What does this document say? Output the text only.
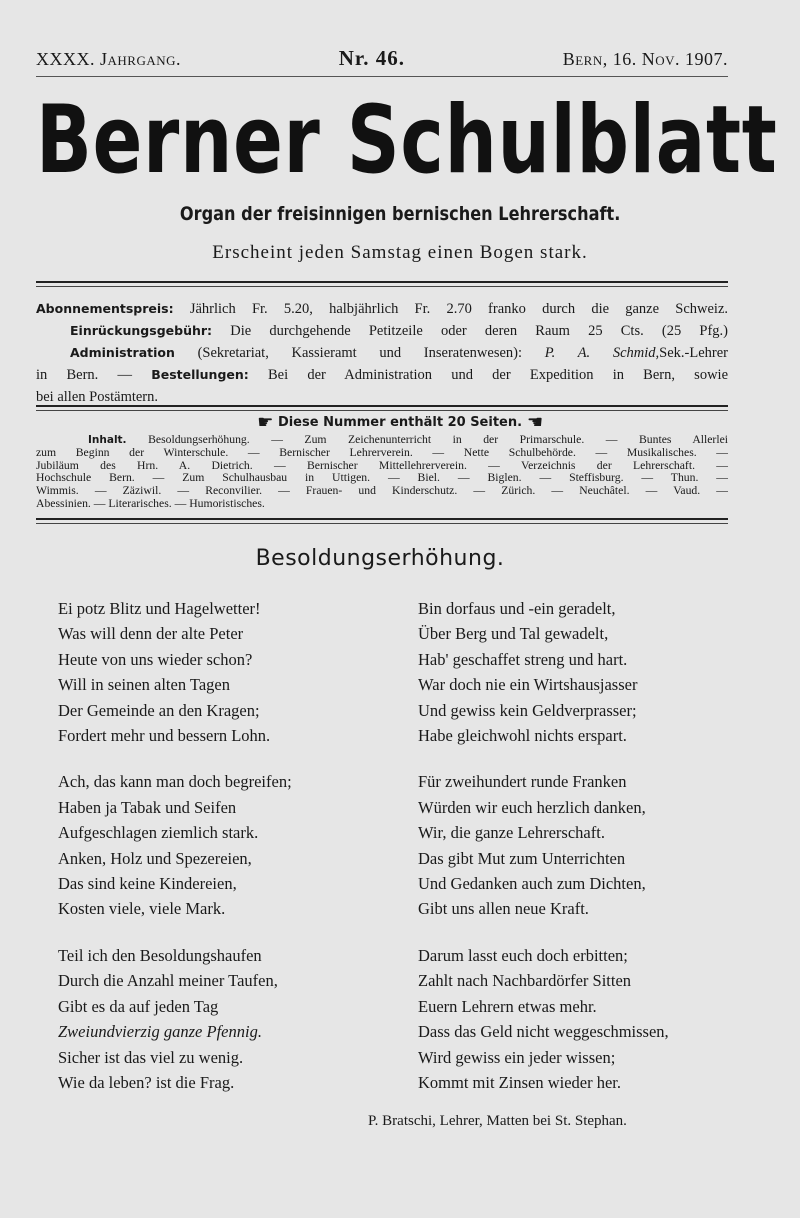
XXXX. Jahrgang.	Nr. 46.	Bern, 16. Nov. 1907.
Berner Schulblatt
Organ der freisinnigen bernischen Lehrerschaft.
Erscheint jeden Samstag einen Bogen stark.
Abonnementspreis: Jährlich Fr. 5.20, halbjährlich Fr. 2.70 franko durch die ganze Schweiz.
Einrückungsgebühr: Die durchgehende Petitzeile oder deren Raum 25 Cts. (25 Pfg.)
Administration (Sekretariat, Kassieramt und Inseratenwesen): P. A. Schmid,Sek.-Lehrer
in Bern. — Bestellungen: Bei der Administration und der Expedition in Bern, sowie
bei allen Postämtern.
☛ Diese Nummer enthält 20 Seiten. ☛
Inhalt. Besoldungserhöhung. — Zum Zeichenunterricht in der Primarschule. — Buntes Allerlei
zum Beginn der Winterschule. — Bernischer Lehrerverein. — Nette Schulbehörde. — Musikalisches. —
Jubiläum des Hrn. A. Dietrich. — Bernischer Mittellehrerverein. — Verzeichnis der Lehrerschaft. —
Hochschule Bern. — Zum Schulhausbau in Uttigen. — Biel. — Biglen. — Steffisburg. — Thun. —
Wimmis. — Zäziwil. — Reconvilier. — Frauen- und Kinderschutz. — Zürich. — Neuchâtel. — Vaud. —
Abessinien. — Literarisches. — Humoristisches.
Besoldungserhöhung.
Ei potz Blitz und Hagelwetter!
Was will denn der alte Peter
Heute von uns wieder schon?
Will in seinen alten Tagen
Der Gemeinde an den Kragen;
Fordert mehr und bessern Lohn.
Ach, das kann man doch begreifen;
Haben ja Tabak und Seifen
Aufgeschlagen ziemlich stark.
Anken, Holz und Spezereien,
Das sind keine Kindereien,
Kosten viele, viele Mark.
Teil ich den Besoldungshaufen
Durch die Anzahl meiner Taufen,
Gibt es da auf jeden Tag
Zweiundvierzig ganze Pfennig.
Sicher ist das viel zu wenig.
Wie da leben? ist die Frag.
Bin dorfaus und -ein geradelt,
Über Berg und Tal gewadelt,
Hab' geschaffet streng und hart.
War doch nie ein Wirtshausjasser
Und gewiss kein Geldverprasser;
Habe gleichwohl nichts erspart.
Für zweihundert runde Franken
Würden wir euch herzlich danken,
Wir, die ganze Lehrerschaft.
Das gibt Mut zum Unterrichten
Und Gedanken auch zum Dichten,
Gibt uns allen neue Kraft.
Darum lasst euch doch erbitten;
Zahlt nach Nachbardörfer Sitten
Euern Lehrern etwas mehr.
Dass das Geld nicht weggeschmissen,
Wird gewiss ein jeder wissen;
Kommt mit Zinsen wieder her.
P. Bratschi, Lehrer, Matten bei St. Stephan.
